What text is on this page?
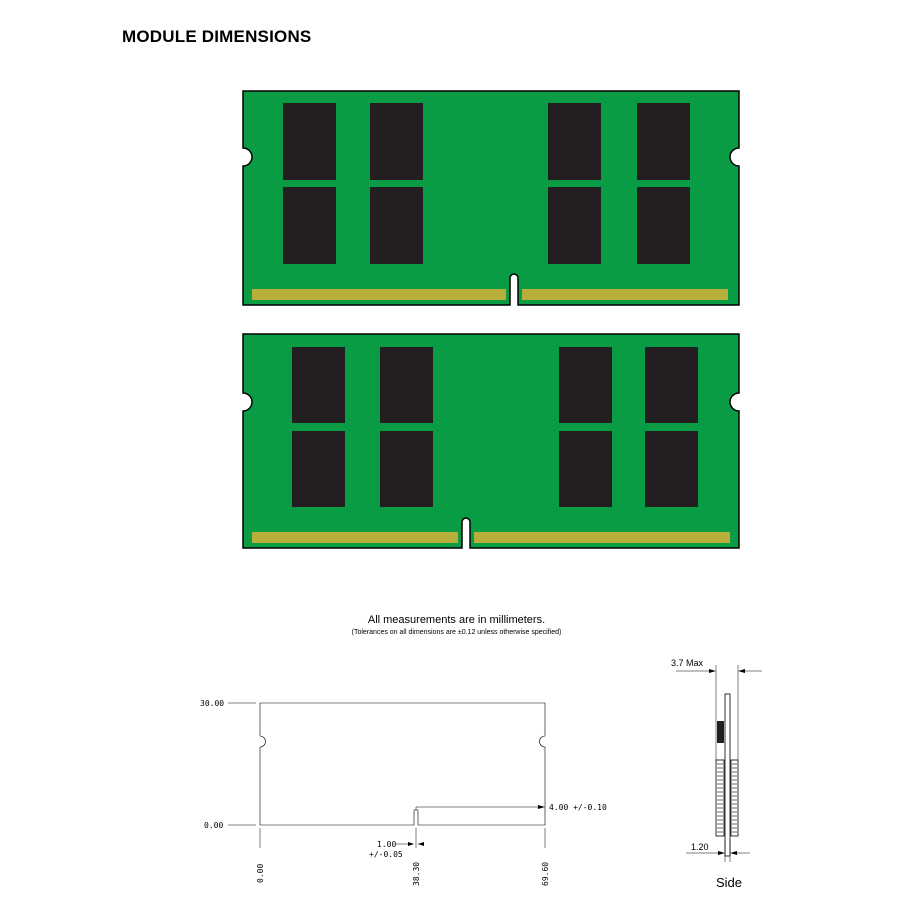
MODULE DIMENSIONS
All measurements are in millimeters.
(Tolerances on all dimensions are ±0.12 unless otherwise specified)
30.00
0.00
0.00	38.30	69.60
4.00 +/-0.10
1.00
+/-0.05
3.7 Max
1.20
Side
